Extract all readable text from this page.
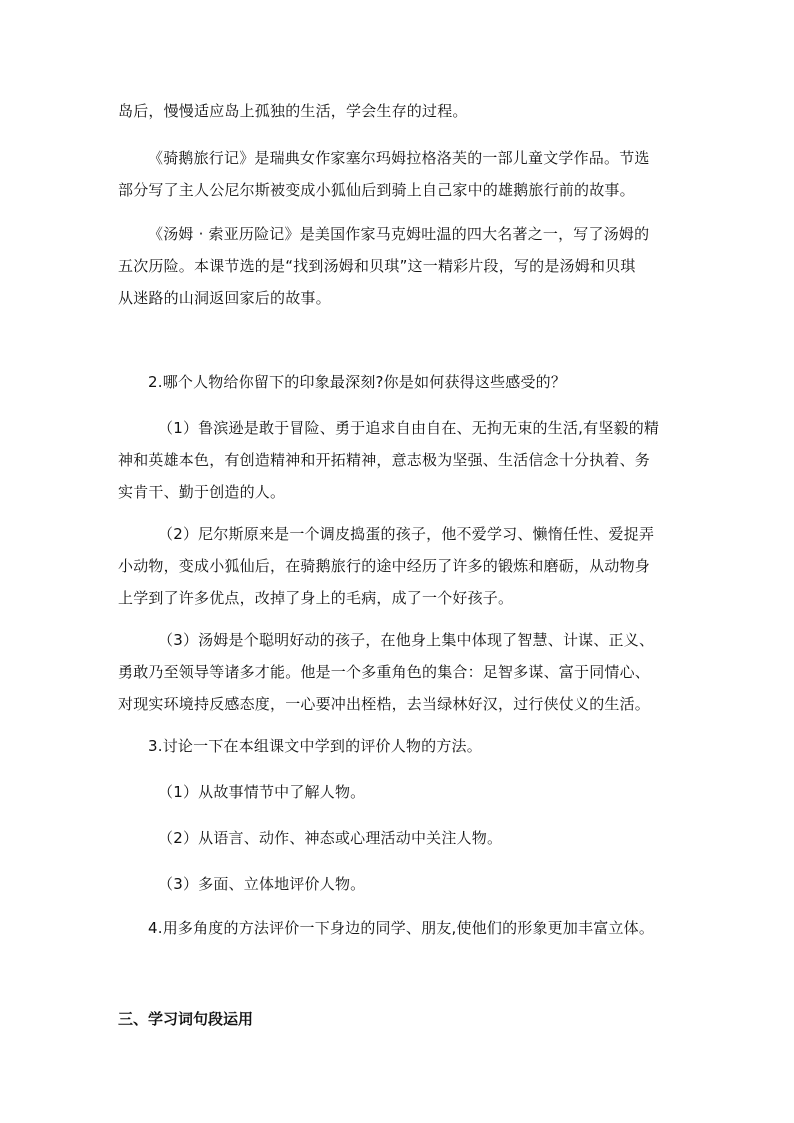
岛后，慢慢适应岛上孤独的生活，学会生存的过程。

《骑鹅旅行记》是瑞典女作家塞尔玛姆拉格洛芙的一部儿童文学作品。节选
部分写了主人公尼尔斯被变成小狐仙后到骑上自己家中的雄鹅旅行前的故事。

《汤姆 · 索亚历险记》是美国作家马克姆吐温的四大名著之一，写了汤姆的
五次历险。本课节选的是“找到汤姆和贝琪”这一精彩片段，写的是汤姆和贝琪
从迷路的山洞返回家后的故事。

2.哪个人物给你留下的印象最深刻?你是如何获得这些感受的？

（1）鲁滨逊是敢于冒险、勇于追求自由自在、无拘无束的生活,有坚毅的精
神和英雄本色，有创造精神和开拓精神，意志极为坚强、生活信念十分执着、务
实肯干、勤于创造的人。

（2）尼尔斯原来是一个调皮捣蛋的孩子，他不爱学习、懒惰任性、爱捉弄
小动物，变成小狐仙后，在骑鹅旅行的途中经历了许多的锻炼和磨砺，从动物身
上学到了许多优点，改掉了身上的毛病，成了一个好孩子。

（3）汤姆是个聪明好动的孩子，在他身上集中体现了智慧、计谋、正义、
勇敢乃至领导等诸多才能。他是一个多重角色的集合：足智多谋、富于同情心、
对现实环境持反感态度，一心要冲出桎梏，去当绿林好汉，过行侠仗义的生活。

3.讨论一下在本组课文中学到的评价人物的方法。

（1）从故事情节中了解人物。

（2）从语言、动作、神态或心理活动中关注人物。

（3）多面、立体地评价人物。

4.用多角度的方法评价一下身边的同学、朋友,使他们的形象更加丰富立体。

三、学习词句段运用
